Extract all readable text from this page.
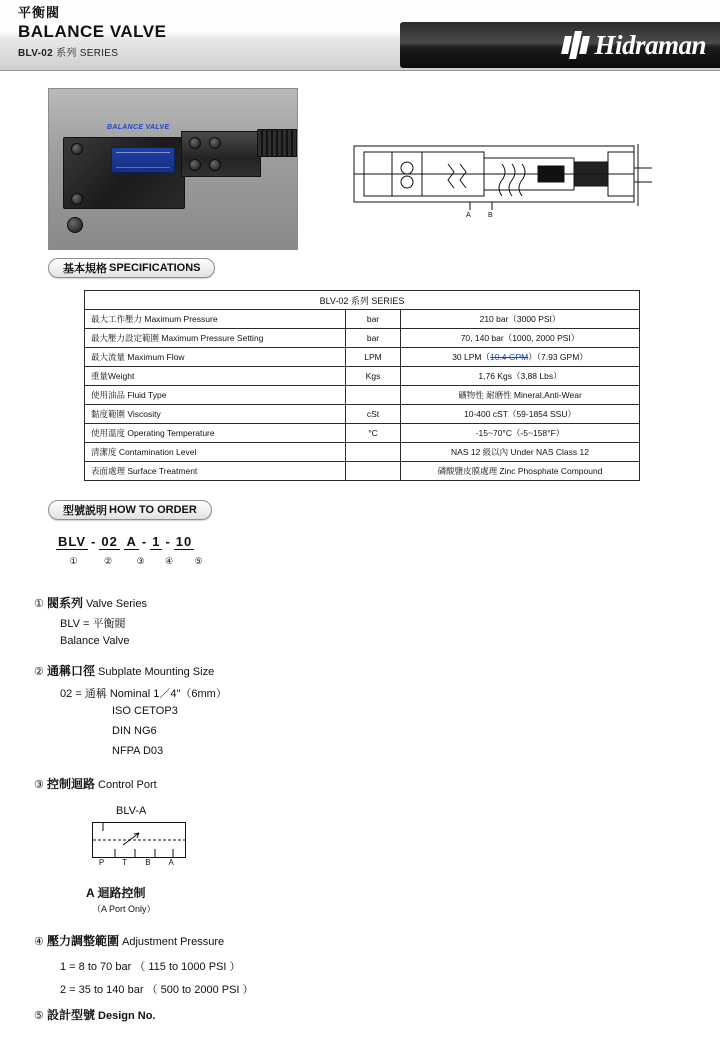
平衡閥
BALANCE VALVE
BLV-02 系列 SERIES	Hidraman
BALANCE VALVE
A B
基本規格 SPECIFICATIONS
BLV-02 系列 SERIES		
最大工作壓力 Maximum Pressure	bar	210 bar（3000 PSI）
最大壓力設定範圍 Maximum Pressure Setting	bar	70, 140 bar（1000, 2000 PSI）
最大流量 Maximum Flow	LPM	30 LPM（10.4 GPM）（7.93 GPM）
重量Weight	Kgs	1,76 Kgs（3,88 Lbs）
使用油品 Fluid Type		礦物性 耐磨性 Mineral,Anti-Wear
黏度範圍 Viscosity	cSt	10-400 cST（59-1854 SSU）
使用溫度 Operating Temperature	°C	-15~70°C（-5~158°F）
清潔度 Contamination Level		NAS 12 級以內 Under NAS Class 12
表面處理 Surface Treatment		磷酸鹽皮膜處理 Zinc Phosphate Compound
型號説明 HOW TO ORDER
BLV - 02 A - 1 - 10
①	②	③ ④ ⑤
① 閥系列 Valve Series
BLV = 平衡閥
Balance Valve
② 通稱口徑 Subplate Mounting Size
02 = 通稱 Nominal 1／4"（6mm）
ISO CETOP3
DIN NG6
NFPA D03
③ 控制迴路 Control Port
BLV-A
P T B A
A 迴路控制
（A Port Only）
④ 壓力調整範圍 Adjustment Pressure
1 = 8 to 70 bar （ 115 to 1000 PSI ）
2 = 35 to 140 bar （ 500 to 2000 PSI ）
⑤ 設計型號 Design No.
